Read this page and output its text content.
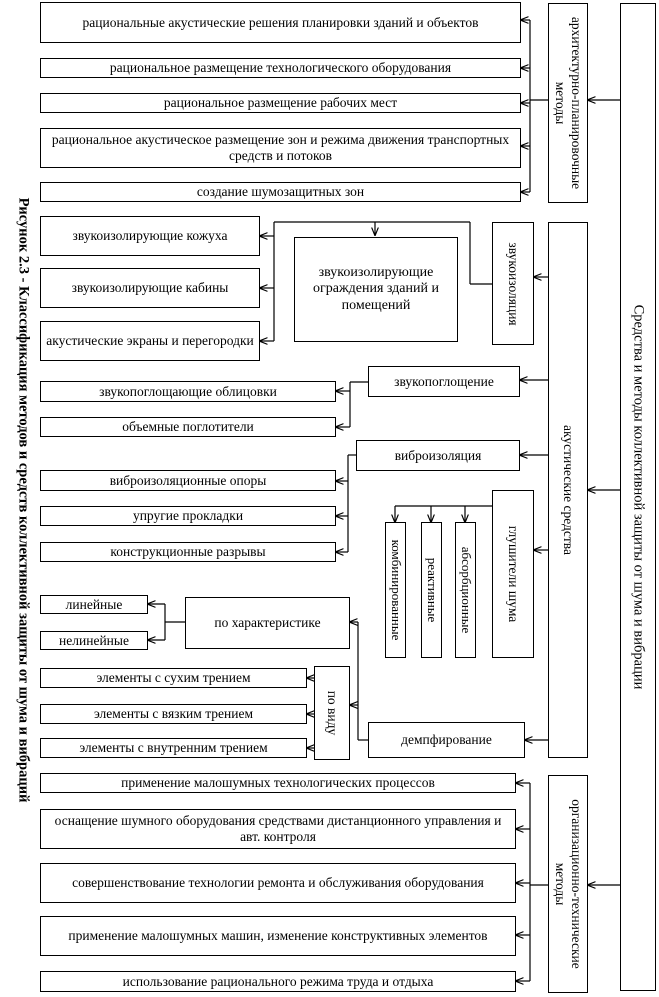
Рисунок 2.3 - Классификация методов и средств коллективной защиты от шума и вибраций	Средства и методы коллективной защиты от шума и вибрации
архитектурно-планировочные методы
акустические средства
организационно-технические методы
рациональные акустические решения планировки зданий и объектов
рациональное размещение технологического оборудования
рациональное размещение рабочих мест
рациональное акустическое размещение зон и режима движения транспортных средств и потоков
создание шумозащитных зон
звукоизоляция
звукоизолирующие ограждения зданий и помещений
звукоизолирующие кожуха
звукоизолирующие кабины
акустические экраны и перегородки
звукопоглощение
звукопоглощающие облицовки
объемные поглотители
виброизоляция
виброизоляционные опоры
упругие прокладки
конструкционные разрывы	глушители шума
абсорбционные
реактивные
комбинированные
демпфирование
по характеристике
линейные
нелинейные
по виду
элементы с сухим трением
элементы с вязким трением
элементы с внутренним трением
применение малошумных технологических процессов
оснащение шумного оборудования средствами дистанционного управления и авт. контроля
совершенствование технологии ремонта и обслуживания оборудования
применение малошумных машин, изменение конструктивных элементов
использование рационального режима труда и отдыха
